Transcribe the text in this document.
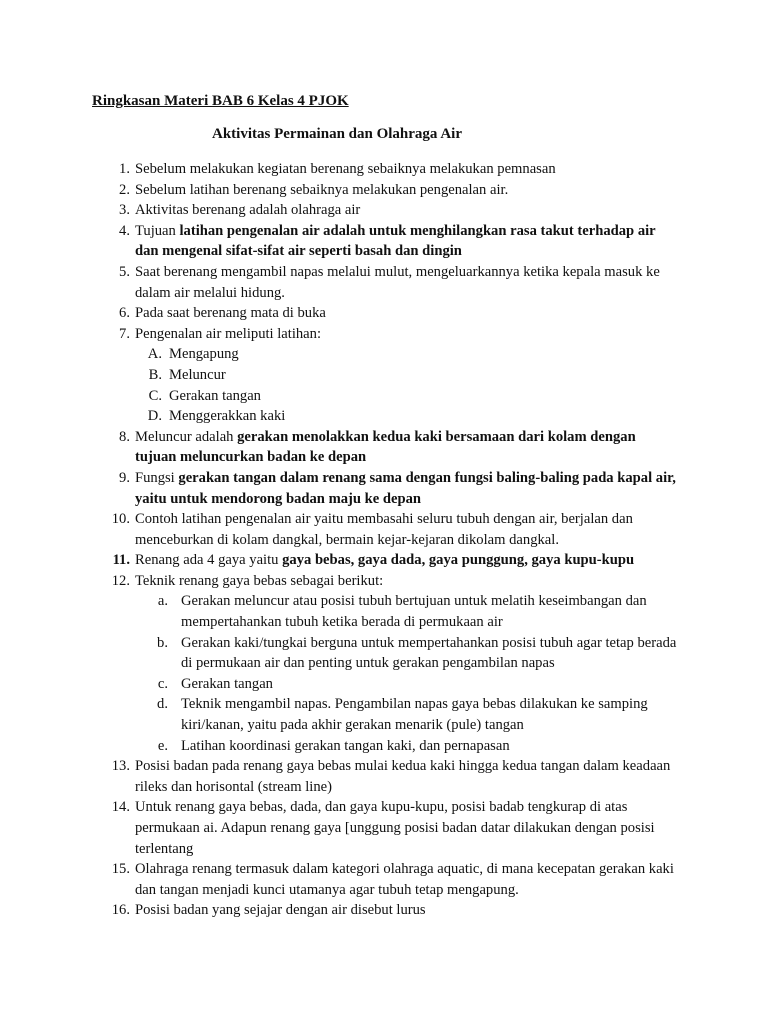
Ringkasan Materi BAB 6 Kelas 4 PJOK
Aktivitas Permainan dan Olahraga Air
1. Sebelum melakukan kegiatan berenang sebaiknya melakukan pemnasan
2. Sebelum latihan berenang sebaiknya melakukan pengenalan air.
3. Aktivitas berenang adalah olahraga air
4. Tujuan latihan pengenalan air adalah untuk menghilangkan rasa takut terhadap air dan mengenal sifat-sifat air seperti basah dan dingin
5. Saat berenang mengambil napas melalui mulut, mengeluarkannya ketika kepala masuk ke dalam air melalui hidung.
6. Pada saat berenang mata di buka
7. Pengenalan air meliputi latihan:
A. Mengapung
B. Meluncur
C. Gerakan tangan
D. Menggerakkan kaki
8. Meluncur adalah gerakan menolakkan kedua kaki bersamaan dari kolam dengan tujuan meluncurkan badan ke depan
9. Fungsi gerakan tangan dalam renang sama dengan fungsi baling-baling pada kapal air, yaitu untuk mendorong badan maju ke depan
10. Contoh latihan pengenalan air yaitu membasahi seluru tubuh dengan air, berjalan dan menceburkan di kolam dangkal, bermain kejar-kejaran dikolam dangkal.
11. Renang ada 4 gaya yaitu gaya bebas, gaya dada, gaya punggung, gaya kupu-kupu
12. Teknik renang gaya bebas sebagai berikut:
a. Gerakan meluncur atau posisi tubuh bertujuan untuk melatih keseimbangan dan mempertahankan tubuh ketika berada di permukaan air
b. Gerakan kaki/tungkai berguna untuk mempertahankan posisi tubuh agar tetap berada di permukaan air dan penting untuk gerakan pengambilan napas
c. Gerakan tangan
d. Teknik mengambil napas. Pengambilan napas gaya bebas dilakukan ke samping kiri/kanan, yaitu pada akhir gerakan menarik (pule) tangan
e. Latihan koordinasi gerakan tangan kaki, dan pernapasan
13. Posisi badan pada renang gaya bebas mulai kedua kaki hingga kedua tangan dalam keadaan rileks dan horisontal (stream line)
14. Untuk renang gaya bebas, dada, dan gaya kupu-kupu, posisi badab tengkurap di atas permukaan ai. Adapun renang gaya [unggung posisi badan datar dilakukan dengan posisi terlentang
15. Olahraga renang termasuk dalam kategori olahraga aquatic, di mana kecepatan gerakan kaki dan tangan menjadi kunci utamanya agar tubuh tetap mengapung.
16. Posisi badan yang sejajar dengan air disebut lurus
